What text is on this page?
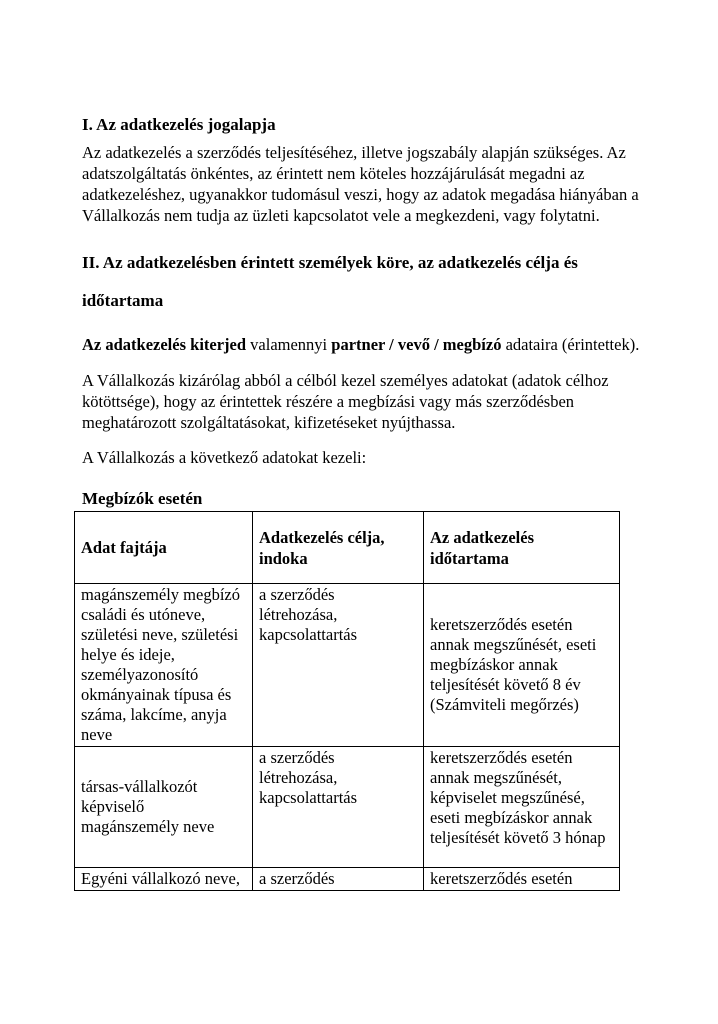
I. Az adatkezelés jogalapja

Az adatkezelés a szerződés teljesítéséhez, illetve jogszabály alapján szükséges. Az adatszolgáltatás önkéntes, az érintett nem köteles hozzájárulását megadni az adatkezeléshez, ugyanakkor tudomásul veszi, hogy az adatok megadása hiányában a Vállalkozás nem tudja az üzleti kapcsolatot vele a megkezdeni, vagy folytatni.

II. Az adatkezelésben érintett személyek köre, az adatkezelés célja és időtartama

Az adatkezelés kiterjed valamennyi partner / vevő / megbízó adataira (érintettek).

A Vállalkozás kizárólag abból a célból kezel személyes adatokat (adatok célhoz kötöttsége), hogy az érintettek részére a megbízási vagy más szerződésben meghatározott szolgáltatásokat, kifizetéseket nyújthassa.

A Vállalkozás a következő adatokat kezeli:

Megbízók esetén

Adat fajtája	Adatkezelés célja, indoka	Az adatkezelés időtartama
magánszemély megbízó családi és utóneve, születési neve, születési helye és ideje, személyazonosító okmányainak típusa és száma, lakcíme, anyja neve	a szerződés létrehozása, kapcsolattartás	keretszerződés esetén annak megszűnését, eseti megbízáskor annak teljesítését követő 8 év (Számviteli megőrzés)
társas-vállalkozót képviselő magánszemély neve	a szerződés létrehozása, kapcsolattartás	keretszerződés esetén annak megszűnését, képviselet megszűnésé, eseti megbízáskor annak teljesítését követő 3 hónap
Egyéni vállalkozó neve,	a szerződés	keretszerződés esetén
